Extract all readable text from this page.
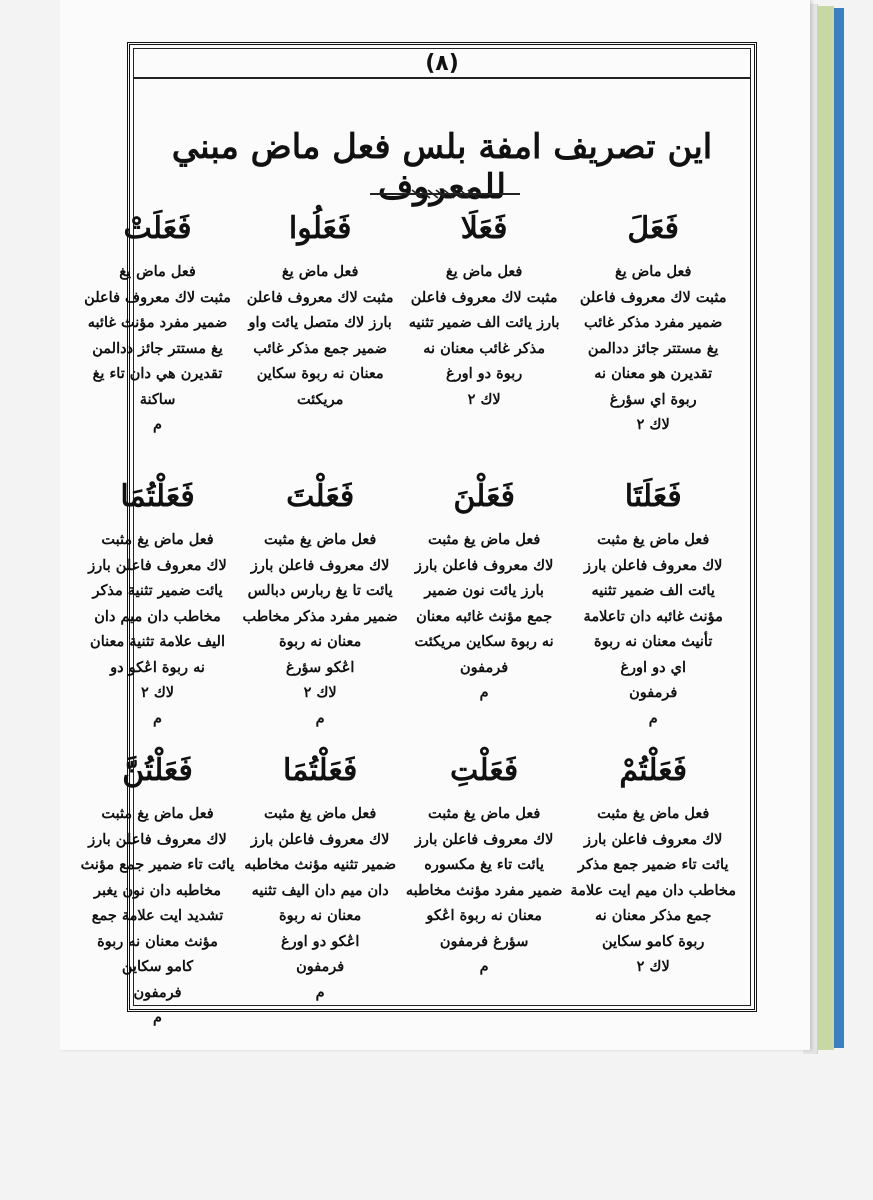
(٨)
اين تصريف امفة بلس فعل ماض مبني للمعروف
فَعَلَ
فعل ماض يغ
مثبت لاك معروف فاعلن
ضمير مفرد مذكر غائب
يغ مستتر جائز ددالمن
تقديرن هو معنان نه
ربوة اي سؤرغ
لاك ٢
فَعَلَا
فعل ماض يغ
مثبت لاك معروف فاعلن
بارز يائت الف ضمير تثنيه
مذكر غائب معنان نه
ربوة دو اورغ
لاك ٢
فَعَلُوا
فعل ماض يغ
مثبت لاك معروف فاعلن
بارز لاك متصل يائت واو
ضمير جمع مذكر غائب
معنان نه ربوة سكاين
مريكئت
فَعَلَتْ
فعل ماض يغ
مثبت لاك معروف فاعلن
ضمير مفرد مؤنث غائبه
يغ مستتر جائز ددالمن
تقديرن هي دان تاء يغ
ساكنة
م
فَعَلَتَا
فعل ماض يغ مثبت
لاك معروف فاعلن بارز
يائت الف ضمير تثنيه
مؤنث غائبه دان تاعلامة
تأنيث معنان نه ربوة
اي دو اورغ
فرمفون
م
فَعَلْنَ
فعل ماض يغ مثبت
لاك معروف فاعلن بارز
بارز يائت نون ضمير
جمع مؤنث غائبه معنان
نه ربوة سكاين مريكئت
فرمفون
م
فَعَلْتَ
فعل ماض يغ مثبت
لاك معروف فاعلن بارز
يائت تا يغ ربارس دبالس
ضمير مفرد مذكر مخاطب
معنان نه ربوة
اڠكو سؤرغ
لاك ٢
م
فَعَلْتُمَا
فعل ماض يغ مثبت
لاك معروف فاعلن بارز
يائت ضمير تثنية مذكر
مخاطب دان ميم دان
اليف علامة تثنية معنان
نه ربوة اڠكو دو
لاك ٢
م
فَعَلْتُمْ
فعل ماض يغ مثبت
لاك معروف فاعلن بارز
يائت تاء ضمير جمع مذكر
مخاطب دان ميم ايت علامة
جمع مذكر معنان نه
ربوة كامو سكاين
لاك ٢
فَعَلْتِ
فعل ماض يغ مثبت
لاك معروف فاعلن بارز
يائت تاء يغ مكسوره
ضمير مفرد مؤنث مخاطبه
معنان نه ربوة اڠكو
سؤرغ فرمفون
م
فَعَلْتُمَا
فعل ماض يغ مثبت
لاك معروف فاعلن بارز
ضمير تثنيه مؤنث مخاطبه
دان ميم دان اليف تثنيه
معنان نه ربوة
اڠكو دو اورغ
فرمفون
م
فَعَلْتُنَّ
فعل ماض يغ مثبت
لاك معروف فاعلن بارز
يائت تاء ضمير جمع مؤنث
مخاطبه دان نون يغبر
تشديد ايت علامة جمع
مؤنث معنان نه ربوة
كامو سكاين
فرمفون
م
